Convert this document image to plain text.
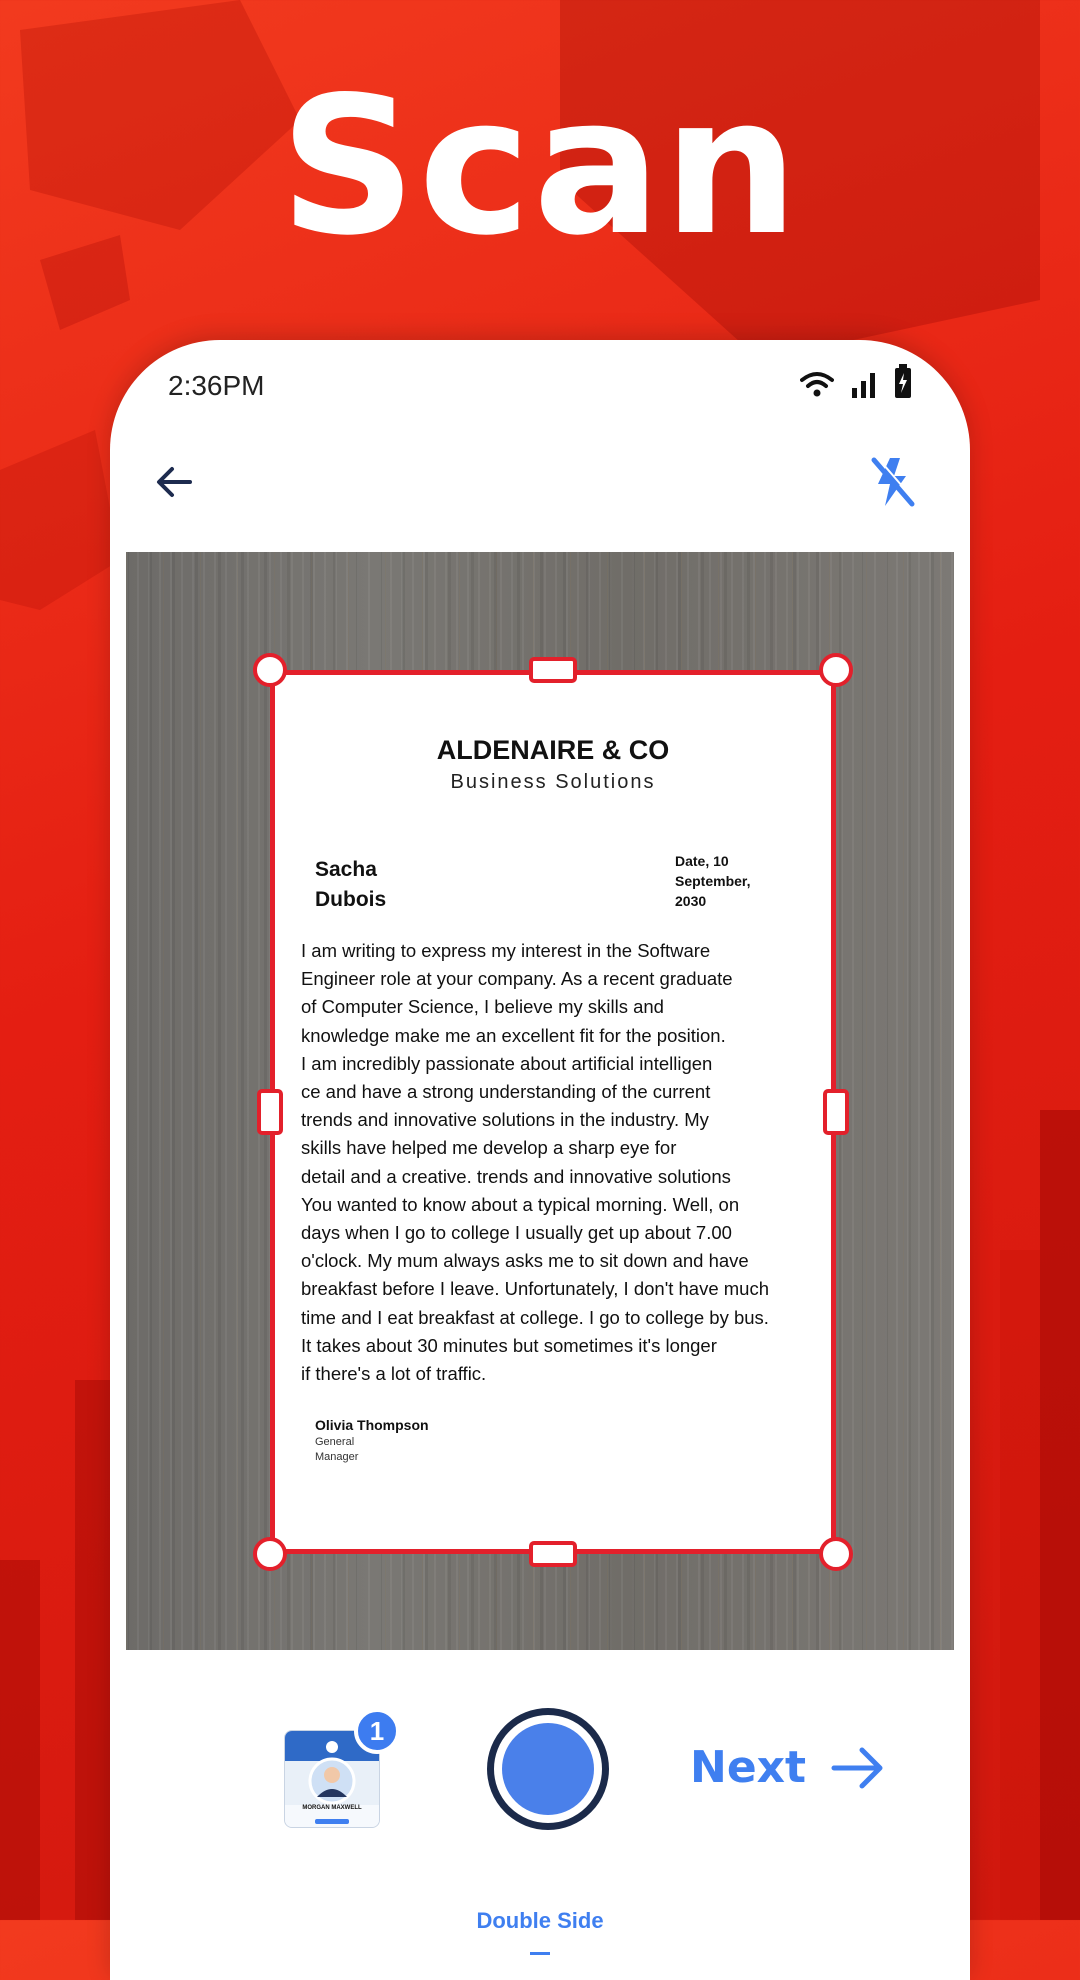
Scan
2:36PM
ALDENAIRE & CO
Business Solutions
Sacha
Dubois
Date, 10
September,
2030
I am writing to express my interest in the Software
Engineer role at your company. As a recent graduate
of Computer Science, I believe my skills and
knowledge make me an excellent fit for the position.
I am incredibly passionate about artificial intelligen
ce and have a strong understanding of the current
trends and innovative solutions in the industry. My
skills have helped me develop a sharp eye for
detail and a creative. trends and innovative solutions
You wanted to know about a typical morning. Well, on
days when I go to college I usually get up about 7.00
o'clock. My mum always asks me to sit down and have
breakfast before I leave. Unfortunately, I don't have much
time and I eat breakfast at college. I go to college by bus.
It takes about 30 minutes but sometimes it's longer
if there's a lot of traffic.
Olivia Thompson
General
Manager
MORGAN MAXWELL
1
Next
Double Side
